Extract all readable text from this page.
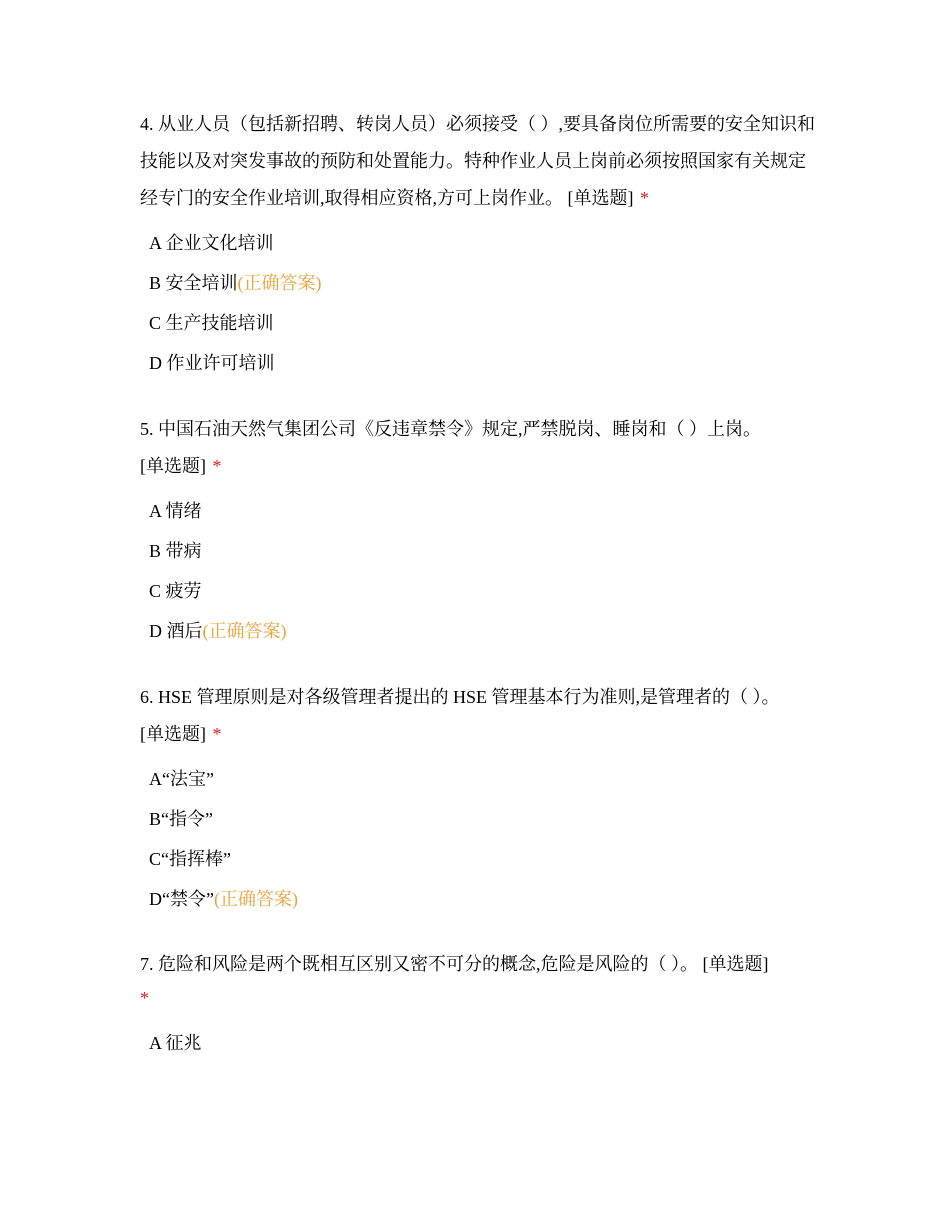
4. 从业人员（包括新招聘、转岗人员）必须接受（ ）,要具备岗位所需要的安全知识和技能以及对突发事故的预防和处置能力。特种作业人员上岗前必须按照国家有关规定经专门的安全作业培训,取得相应资格,方可上岗作业。 [单选题] *

A 企业文化培训

B 安全培训(正确答案)

C 生产技能培训

D 作业许可培训

5. 中国石油天然气集团公司《反违章禁令》规定,严禁脱岗、睡岗和（ ）上岗。
[单选题] *

A 情绪

B 带病

C 疲劳

D 酒后(正确答案)

6. HSE 管理原则是对各级管理者提出的 HSE 管理基本行为准则,是管理者的（ ）。
[单选题] *

A“法宝”

B“指令”

C“指挥棒”

D“禁令”(正确答案)

7. 危险和风险是两个既相互区别又密不可分的概念,危险是风险的（ ）。 [单选题]
*

A 征兆
